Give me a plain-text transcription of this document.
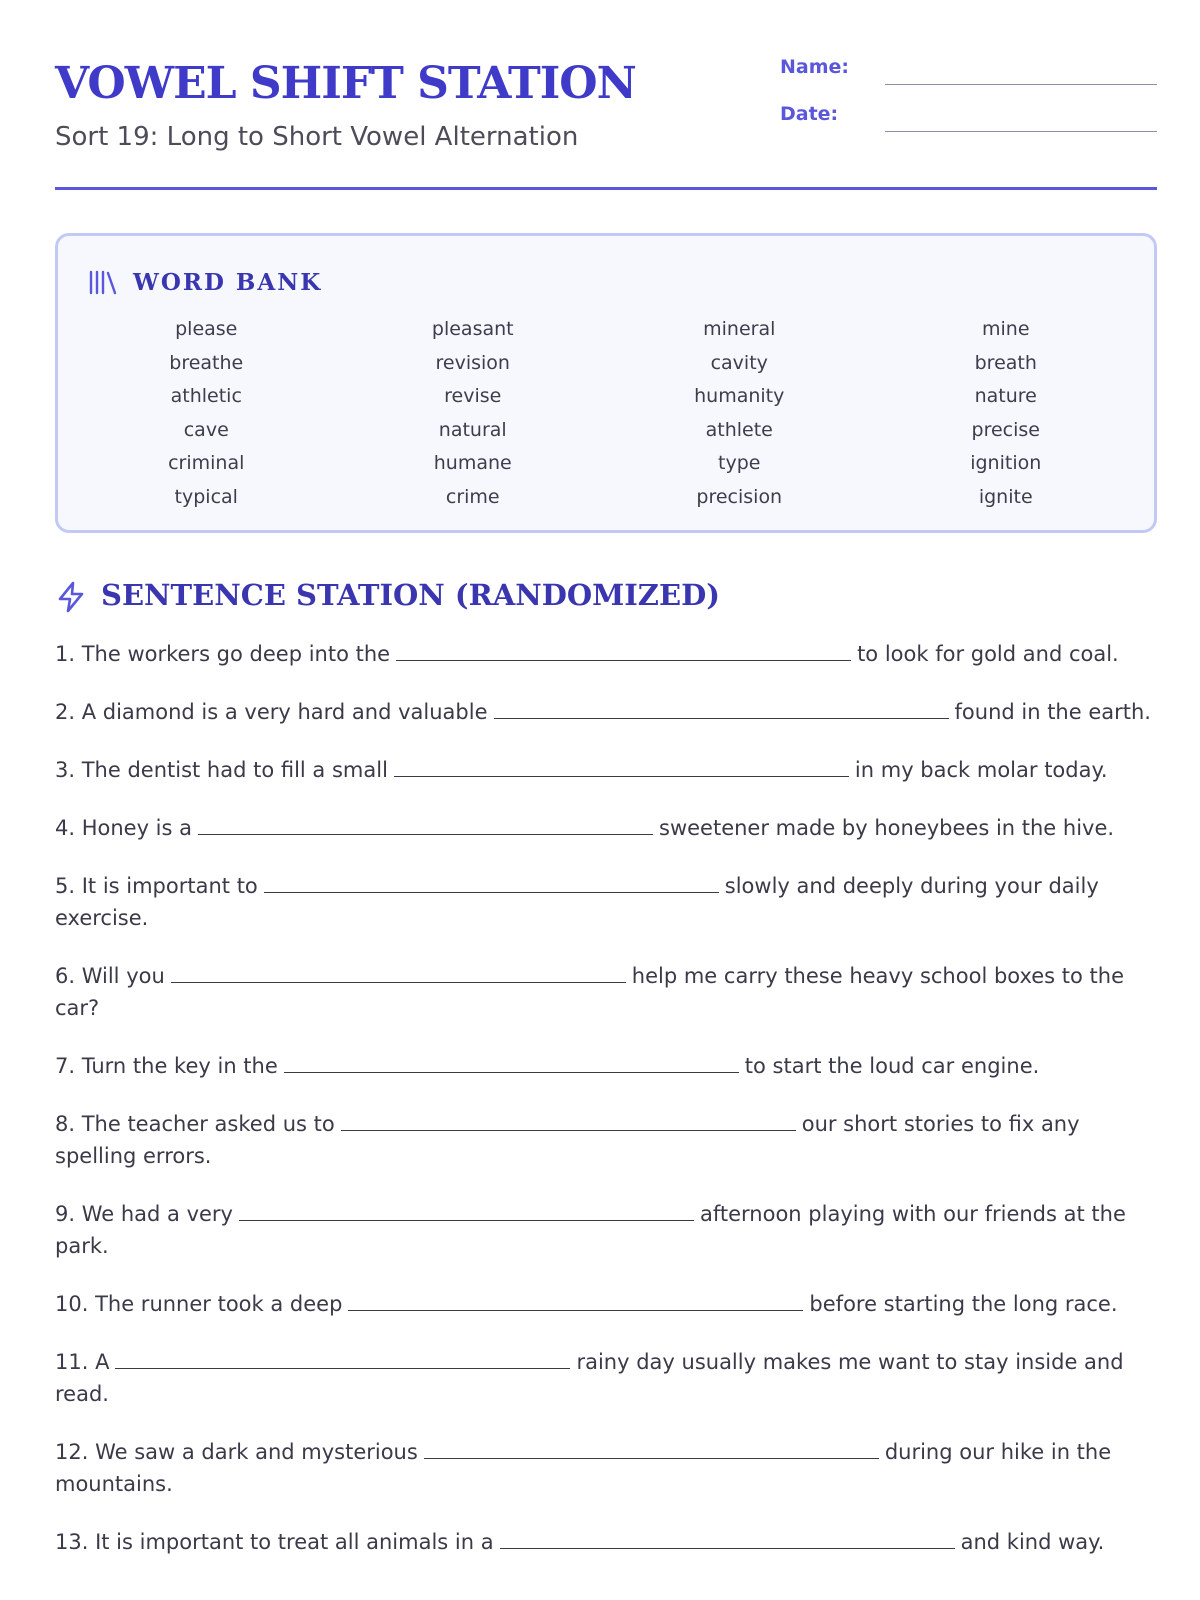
VOWEL SHIFT STATION
Sort 19: Long to Short Vowel Alternation
Name:
Date:
WORD BANK
please	pleasant	mineral	mine
breathe	revision	cavity	breath
athletic	revise	humanity	nature
cave	natural	athlete	precise
criminal	humane	type	ignition
typical	crime	precision	ignite
SENTENCE STATION (RANDOMIZED)

1. The workers go deep into the	to look for gold and coal.

2. A diamond is a very hard and valuable	found in the earth.

3. The dentist had to fill a small	in my back molar today.

4. Honey is a	sweetener made by honeybees in the hive.

5. It is important to	slowly and deeply during your daily exercise.

6. Will you	help me carry these heavy school boxes to the car?

7. Turn the key in the	to start the loud car engine.

8. The teacher asked us to	our short stories to fix any spelling errors.

9. We had a very	afternoon playing with our friends at the park.

10. The runner took a deep	before starting the long race.

11. A	rainy day usually makes me want to stay inside and read.

12. We saw a dark and mysterious	during our hike in the mountains.

13. It is important to treat all animals in a	and kind way.
